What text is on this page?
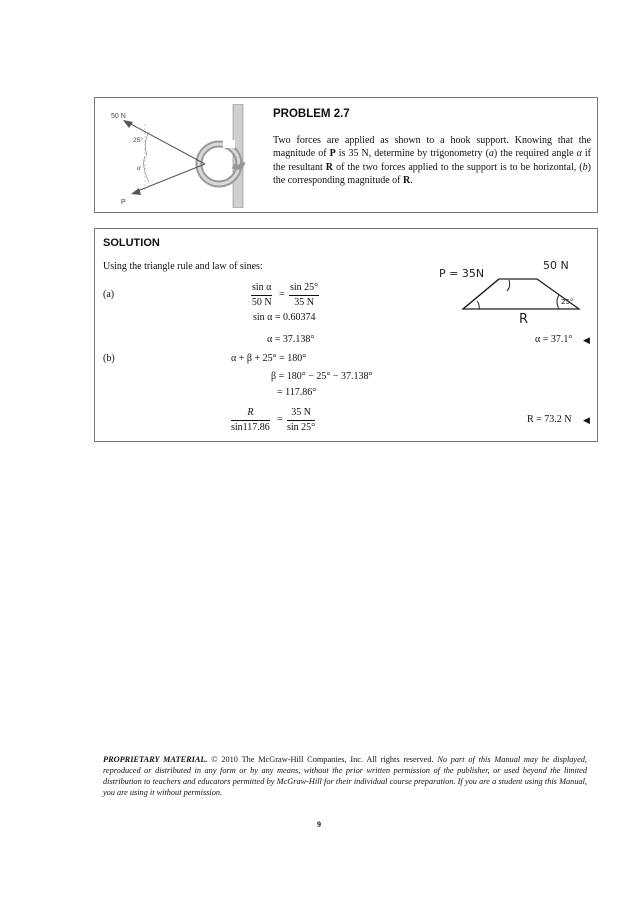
50 N
25°
α
P
PROBLEM 2.7
Two forces are applied as shown to a hook support. Knowing that the magnitude of P is 35 N, determine by trigonometry (a) the required angle α if the resultant R of the two forces applied to the support is to be horizontal, (b) the corresponding magnitude of R.
SOLUTION
Using the triangle rule and law of sines:
(a)	$\frac{\text{sin α}}{50 N} = \frac{\sin 25^\circ}{35 N}$
sin α = 0.60374
α = 37.138°	α = 37.1° ◀
(b)	α + β + 25° = 180°
β = 180° − 25° − 37.138°
= 117.86°
$\frac{R}{\sin 117.86} = \frac{35 N}{\sin 25^\circ}$	R = 73.2 N ◀
P = 35N
50 N
25°
R
PROPRIETARY MATERIAL. © 2010 The McGraw-Hill Companies, Inc. All rights reserved. No part of this Manual may be displayed, reproduced or distributed in any form or by any means, without the prior written permission of the publisher, or used beyond the limited distribution to teachers and educators permitted by McGraw-Hill for their individual course preparation. If you are a student using this Manual, you are using it without permission.
9
